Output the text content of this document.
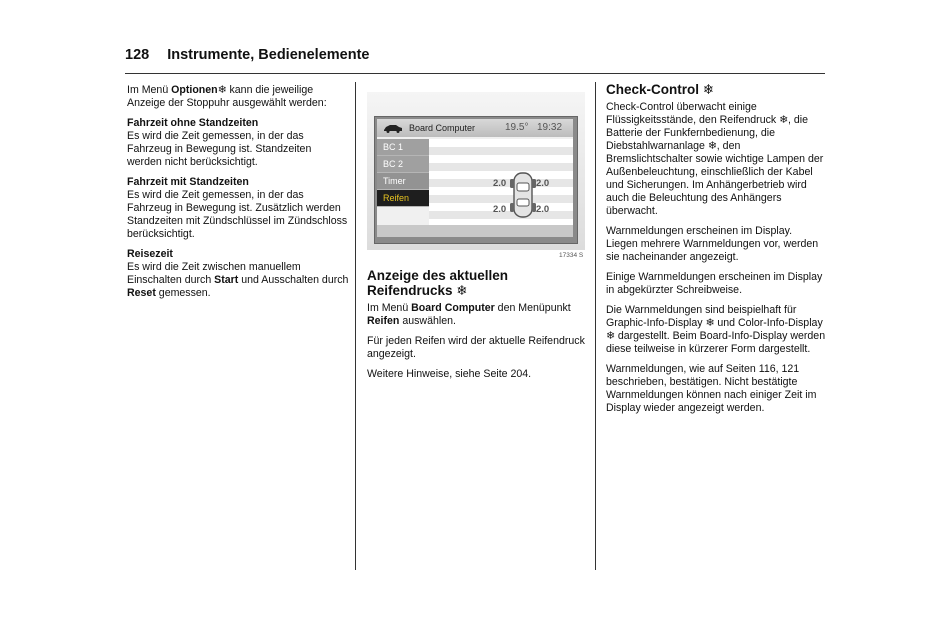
128 Instrumente, Bedienelemente

Im Menü Optionen❄ kann die jeweilige Anzeige der Stoppuhr ausgewählt werden:

Fahrzeit ohne Standzeiten

Es wird die Zeit gemessen, in der das Fahrzeug in Bewegung ist. Standzeiten werden nicht berücksichtigt.

Fahrzeit mit Standzeiten

Es wird die Zeit gemessen, in der das Fahrzeug in Bewegung ist. Zusätzlich werden Standzeiten mit Zündschlüssel im Zündschloss berücksichtigt.

Reisezeit

Es wird die Zeit zwischen manuellem Einschalten durch Start und Ausschalten durch Reset gemessen.

Board Computer	19.5° 19:32
BC 1
BC 2
Timer
Reifen
2.0	2.0
2.0	2.0
17334 S
Anzeige des aktuellen Reifendrucks ❄

Im Menü Board Computer den Menüpunkt Reifen auswählen.

Für jeden Reifen wird der aktuelle Reifendruck angezeigt.

Weitere Hinweise, siehe Seite 204.

Check-Control ❄

Check-Control überwacht einige Flüssigkeitsstände, den Reifendruck ❄, die Batterie der Funkfernbedienung, die Diebstahlwarnanlage ❄, den Bremslichtschalter sowie wichtige Lampen der Außenbeleuchtung, einschließlich der Kabel und Sicherungen. Im Anhängerbetrieb wird auch die Beleuchtung des Anhängers überwacht.

Warnmeldungen erscheinen im Display. Liegen mehrere Warnmeldungen vor, werden sie nacheinander angezeigt.

Einige Warnmeldungen erscheinen im Display in abgekürzter Schreibweise.

Die Warnmeldungen sind beispielhaft für Graphic-Info-Display ❄ und Color-Info-Display ❄ dargestellt. Beim Board-Info-Display werden diese teilweise in kürzerer Form dargestellt.

Warnmeldungen, wie auf Seiten 116, 121 beschrieben, bestätigen. Nicht bestätigte Warnmeldungen können nach einiger Zeit im Display wieder angezeigt werden.
